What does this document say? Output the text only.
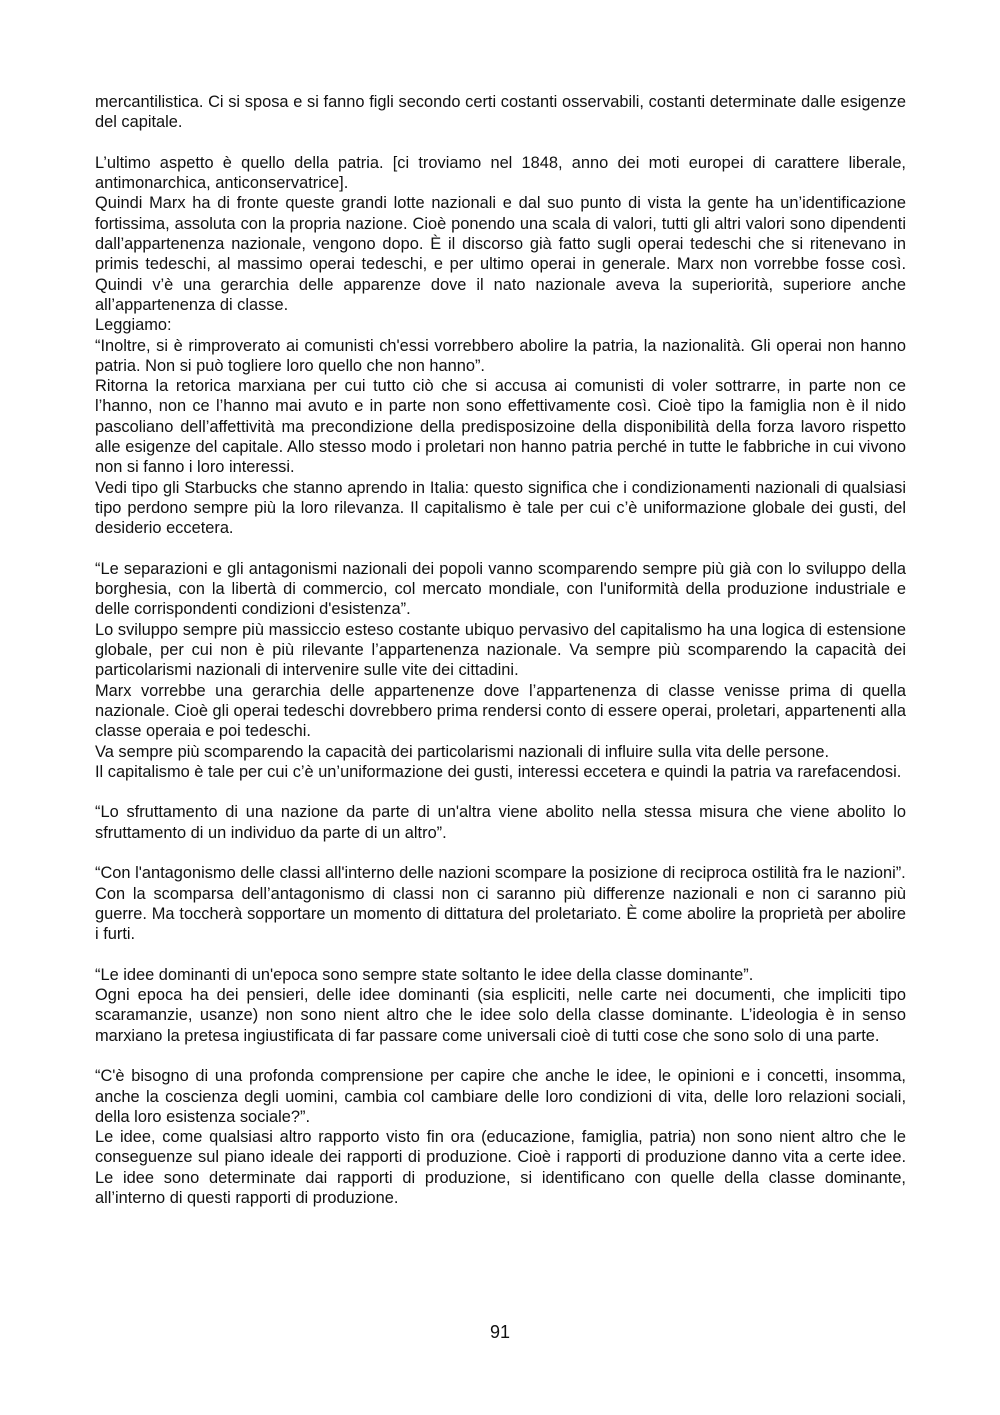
mercantilistica. Ci si sposa e si fanno figli secondo certi costanti osservabili, costanti determinate dalle esigenze del capitale.

L’ultimo aspetto è quello della patria. [ci troviamo nel 1848, anno dei moti europei di carattere liberale, antimonarchica, anticonservatrice].

Quindi Marx ha di fronte queste grandi lotte nazionali e dal suo punto di vista la gente ha un’identificazione fortissima, assoluta con la propria nazione. Cioè ponendo una scala di valori, tutti gli altri valori sono dipendenti dall’appartenenza nazionale, vengono dopo. È il discorso già fatto sugli operai tedeschi che si ritenevano in primis tedeschi, al massimo operai tedeschi, e per ultimo operai in generale. Marx non vorrebbe fosse così. Quindi v’è una gerarchia delle apparenze dove il nato nazionale aveva la superiorità, superiore anche all’appartenenza di classe.

Leggiamo:

“Inoltre, si è rimproverato ai comunisti ch'essi vorrebbero abolire la patria, la nazionalità. Gli operai non hanno patria. Non si può togliere loro quello che non hanno”.

Ritorna la retorica marxiana per cui tutto ciò che si accusa ai comunisti di voler sottrarre, in parte non ce l’hanno, non ce l’hanno mai avuto e in parte non sono effettivamente così. Cioè tipo la famiglia non è il nido pascoliano dell’affettività ma precondizione della predisposizoine della disponibilità della forza lavoro rispetto alle esigenze del capitale. Allo stesso modo i proletari non hanno patria perché in tutte le fabbriche in cui vivono non si fanno i loro interessi.

Vedi tipo gli Starbucks che stanno aprendo in Italia: questo significa che i condizionamenti nazionali di qualsiasi tipo perdono sempre più la loro rilevanza. Il capitalismo è tale per cui c’è uniformazione globale dei gusti, del desiderio eccetera.

“Le separazioni e gli antagonismi nazionali dei popoli vanno scomparendo sempre più già con lo sviluppo della borghesia, con la libertà di commercio, col mercato mondiale, con l'uniformità della produzione industriale e delle corrispondenti condizioni d'esistenza”.

Lo sviluppo sempre più massiccio esteso costante ubiquo pervasivo del capitalismo ha una logica di estensione globale, per cui non è più rilevante l’appartenenza nazionale. Va sempre più scomparendo la capacità dei particolarismi nazionali di intervenire sulle vite dei cittadini.

Marx vorrebbe una gerarchia delle appartenenze dove l’appartenenza di classe venisse prima di quella nazionale. Cioè gli operai tedeschi dovrebbero prima rendersi conto di essere operai, proletari, appartenenti alla classe operaia e poi tedeschi.

Va sempre più scomparendo la capacità dei particolarismi nazionali di influire sulla vita delle persone.

Il capitalismo è tale per cui c’è un’uniformazione dei gusti, interessi eccetera e quindi la patria va rarefacendosi.

“Lo sfruttamento di una nazione da parte di un'altra viene abolito nella stessa misura che viene abolito lo sfruttamento di un individuo da parte di un altro”.

“Con l'antagonismo delle classi all'interno delle nazioni scompare la posizione di reciproca ostilità fra le nazioni”.

Con la scomparsa dell’antagonismo di classi non ci saranno più differenze nazionali e non ci saranno più guerre. Ma toccherà sopportare un momento di dittatura del proletariato. È come abolire la proprietà per abolire i furti.

“Le idee dominanti di un'epoca sono sempre state soltanto le idee della classe dominante”.

Ogni epoca ha dei pensieri, delle idee dominanti (sia espliciti, nelle carte nei documenti, che impliciti tipo scaramanzie, usanze) non sono nient altro che le idee solo della classe dominante. L’ideologia è in senso marxiano la pretesa ingiustificata di far passare come universali cioè di tutti cose che sono solo di una parte.

“C'è bisogno di una profonda comprensione per capire che anche le idee, le opinioni e i concetti, insomma, anche la coscienza degli uomini, cambia col cambiare delle loro condizioni di vita, delle loro relazioni sociali, della loro esistenza sociale?”.

Le idee, come qualsiasi altro rapporto visto fin ora (educazione, famiglia, patria) non sono nient altro che le conseguenze sul piano ideale dei rapporti di produzione. Cioè i rapporti di produzione danno vita a certe idee. Le idee sono determinate dai rapporti di produzione, si identificano con quelle della classe dominante, all’interno di questi rapporti di produzione.

91
